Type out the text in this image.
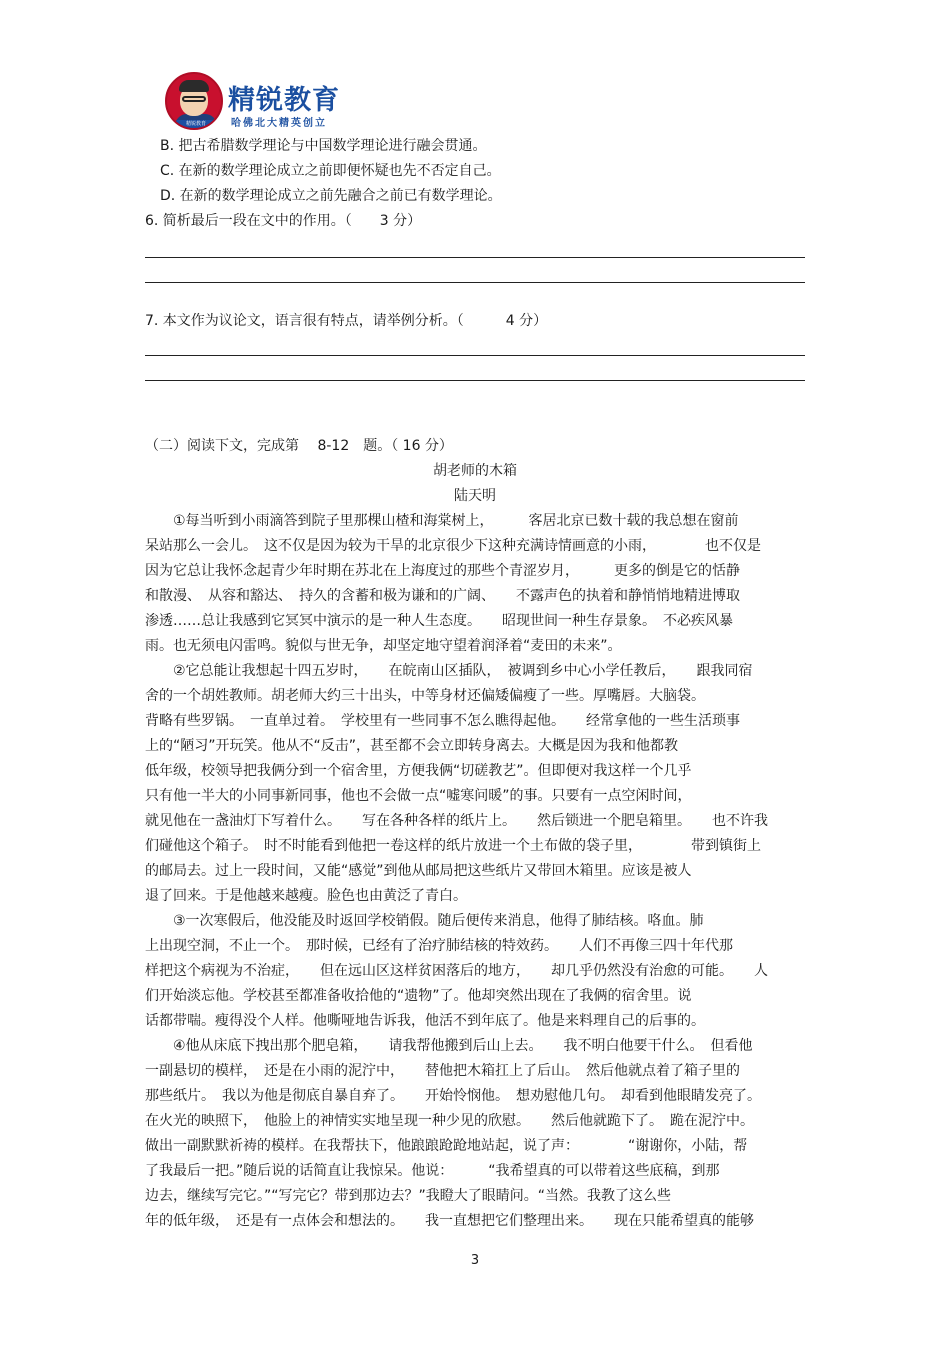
精锐教育
精锐教育
哈佛北大精英创立
B. 把古希腊数学理论与中国数学理论进行融会贯通。
C. 在新的数学理论成立之前即便怀疑也先不否定自己。
D. 在新的数学理论成立之前先融合之前已有数学理论。
6. 简析最后一段在文中的作用。（　　3 分）
7. 本文作为议论文，语言很有特点，请举例分析。（　　　4 分）
（二）阅读下文，完成第　 8-12　题。（ 16 分）
胡老师的木箱
陆天明

　　①每当听到小雨滴答到院子里那棵山楂和海棠树上，　　　客居北京已数十载的我总想在窗前

呆站那么一会儿。　这不仅是因为较为干旱的北京很少下这种充满诗情画意的小雨，　　　　也不仅是

因为它总让我怀念起青少年时期在苏北在上海度过的那些个青涩岁月，　　　更多的倒是它的恬静

和散漫、　从容和豁达、　持久的含蓄和极为谦和的广阔、　　不露声色的执着和静悄悄地精进博取

渗透……总让我感到它冥冥中演示的是一种人生态度。　　昭现世间一种生存景象。　不必疾风暴

雨。也无须电闪雷鸣。貌似与世无争，却坚定地守望着润泽着“麦田的未来”。

　　②它总能让我想起十四五岁时，　　在皖南山区插队，　被调到乡中心小学任教后，　　跟我同宿

舍的一个胡姓教师。胡老师大约三十出头，中等身材还偏矮偏瘦了一些。厚嘴唇。大脑袋。

背略有些罗锅。　一直单过着。　学校里有一些同事不怎么瞧得起他。　　经常拿他的一些生活琐事

上的“陋习”开玩笑。他从不“反击”，甚至都不会立即转身离去。大概是因为我和他都教

低年级，校领导把我俩分到一个宿舍里，方便我俩“切磋教艺”。但即便对我这样一个几乎

只有他一半大的小同事新同事，他也不会做一点“嘘寒问暖”的事。只要有一点空闲时间，

就见他在一盏油灯下写着什么。　　写在各种各样的纸片上。　　然后锁进一个肥皂箱里。　　也不许我

们碰他这个箱子。　时不时能看到他把一卷这样的纸片放进一个土布做的袋子里，　　　　带到镇街上

的邮局去。过上一段时间，又能“感觉”到他从邮局把这些纸片又带回木箱里。应该是被人

退了回来。于是他越来越瘦。脸色也由黄泛了青白。

　　③一次寒假后，他没能及时返回学校销假。随后便传来消息，他得了肺结核。咯血。肺

上出现空洞，不止一个。　那时候，已经有了治疗肺结核的特效药。　　人们不再像三四十年代那

样把这个病视为不治症，　　但在远山区这样贫困落后的地方，　　却几乎仍然没有治愈的可能。　　人

们开始淡忘他。学校甚至都准备收拾他的“遗物”了。他却突然出现在了我俩的宿舍里。说

话都带喘。瘦得没个人样。他嘶哑地告诉我，他活不到年底了。他是来料理自己的后事的。

　　④他从床底下拽出那个肥皂箱，　　请我帮他搬到后山上去。　　我不明白他要干什么。　但看他

一副悬切的模样，　还是在小雨的泥泞中，　　替他把木箱扛上了后山。　然后他就点着了箱子里的

那些纸片。　我以为他是彻底自暴自弃了。　　开始怜悯他。　想劝慰他几句。　却看到他眼睛发亮了。

在火光的映照下，　他脸上的神情实实地呈现一种少见的欣慰。　　然后他就跪下了。　跪在泥泞中。

做出一副默默祈祷的模样。在我帮扶下，他踉踉跄跄地站起，说了声：　　　　“谢谢你，小陆，帮

了我最后一把。”随后说的话简直让我惊呆。他说：　　　“我希望真的可以带着这些底稿，到那

边去，继续写完它。”“写完它？带到那边去？”我瞪大了眼睛问。“当然。我教了这么些

年的低年级，　还是有一点体会和想法的。　　我一直想把它们整理出来。　　现在只能希望真的能够

3
